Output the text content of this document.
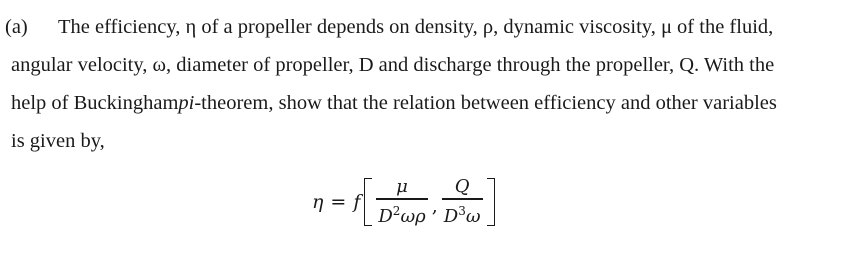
(a)	The efficiency, η of a propeller depends on density, ρ, dynamic viscosity, μ of the fluid,
angular velocity, ω, diameter of propeller, D and discharge through the propeller, Q. With the
help of Buckingham pi -theorem, show that the relation between efficiency and other variables
is given by,
η = f $\frac{\mu}{D^2\omega\rho}$ , $\frac{Q}{D^3\omega}$
